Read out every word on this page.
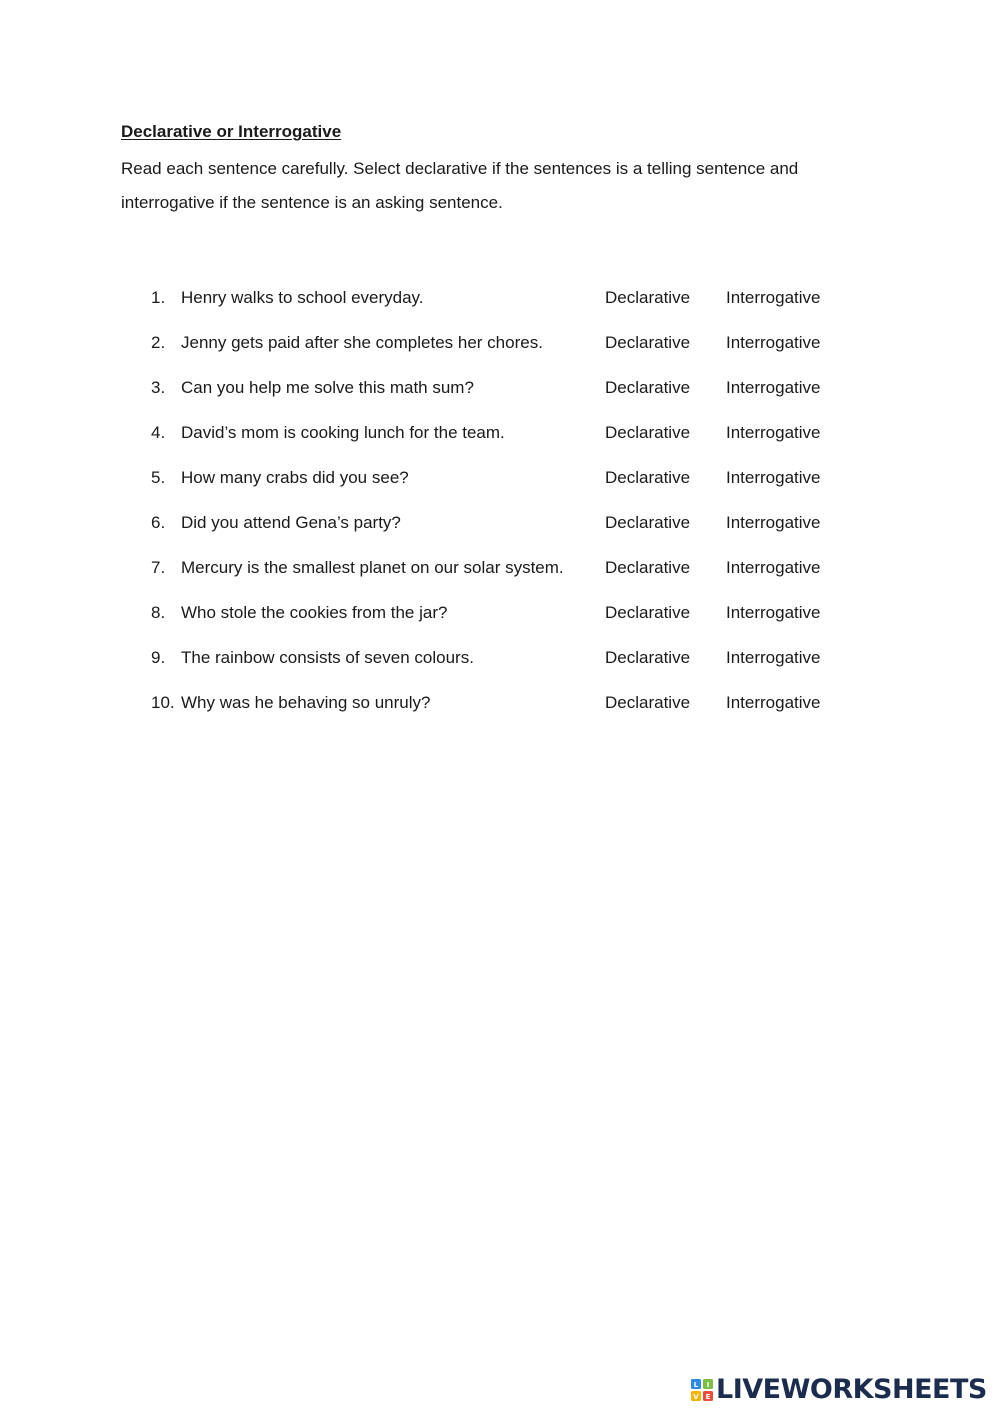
Declarative or Interrogative

Read each sentence carefully. Select declarative if the sentences is a telling sentence and interrogative if the sentence is an asking sentence.

1. Henry walks to school everyday.	Declarative Interrogative
2. Jenny gets paid after she completes her chores.	Declarative Interrogative
3. Can you help me solve this math sum?	Declarative Interrogative
4. David’s mom is cooking lunch for the team.	Declarative Interrogative
5. How many crabs did you see?	Declarative Interrogative
6. Did you attend Gena’s party?	Declarative Interrogative
7. Mercury is the smallest planet on our solar system. Declarative Interrogative
8. Who stole the cookies from the jar?	Declarative Interrogative
9. The rainbow consists of seven colours.	Declarative Interrogative
10. Why was he behaving so unruly?	Declarative Interrogative
L I
V E LIVEWORKSHEETS
